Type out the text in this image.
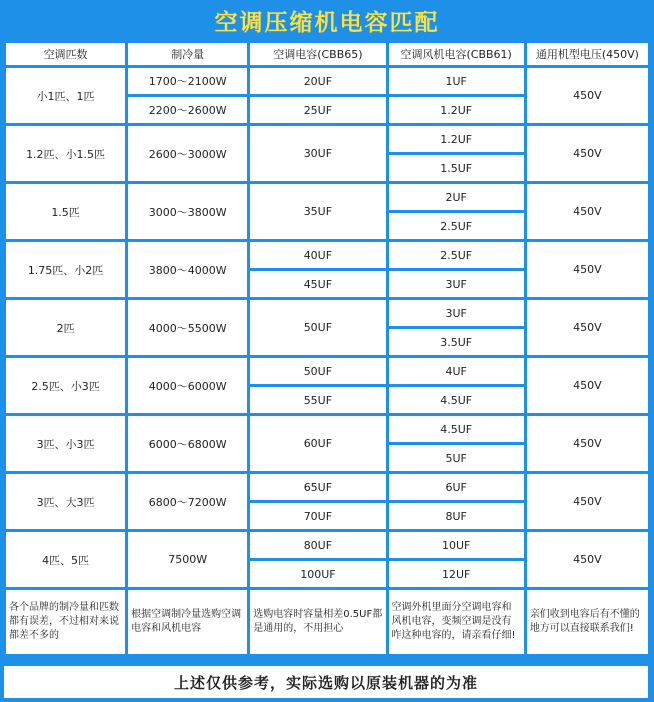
空调压缩机电容匹配
空调匹数	制冷量	空调电容(CBB65)	空调风机电容(CBB61)	通用机型电压(450V)
小1匹、1匹	1700～2100W	20UF	1UF	450V
	2200～2600W	25UF	1.2UF	
1.2匹、小1.5匹	2600～3000W	30UF	1.2UF	450V
			1.5UF	
1.5匹	3000～3800W	35UF	2UF	450V
			2.5UF	
1.75匹、小2匹	3800～4000W	40UF	2.5UF	450V
		45UF	3UF	
2匹	4000～5500W	50UF	3UF	450V
			3.5UF	
2.5匹、小3匹	4000～6000W	50UF	4UF	450V
		55UF	4.5UF	
3匹、小3匹	6000～6800W	60UF	4.5UF	450V
			5UF	
3匹、大3匹	6800～7200W	65UF	6UF	450V
		70UF	8UF	
4匹、5匹	7500W	80UF	10UF	450V
		100UF	12UF	
各个品牌的制冷量和匹数都有误差，不过相对来说都差不多的	根据空调制冷量选购空调电容和风机电容	选购电容时容量相差0.5UF都是通用的，不用担心	空调外机里面分空调电容和风机电容，变频空调是没有咋这种电容的，请亲看仔细!	亲们收到电容后有不懂的地方可以直接联系我们!
上述仅供参考，实际选购以原装机器的为准
